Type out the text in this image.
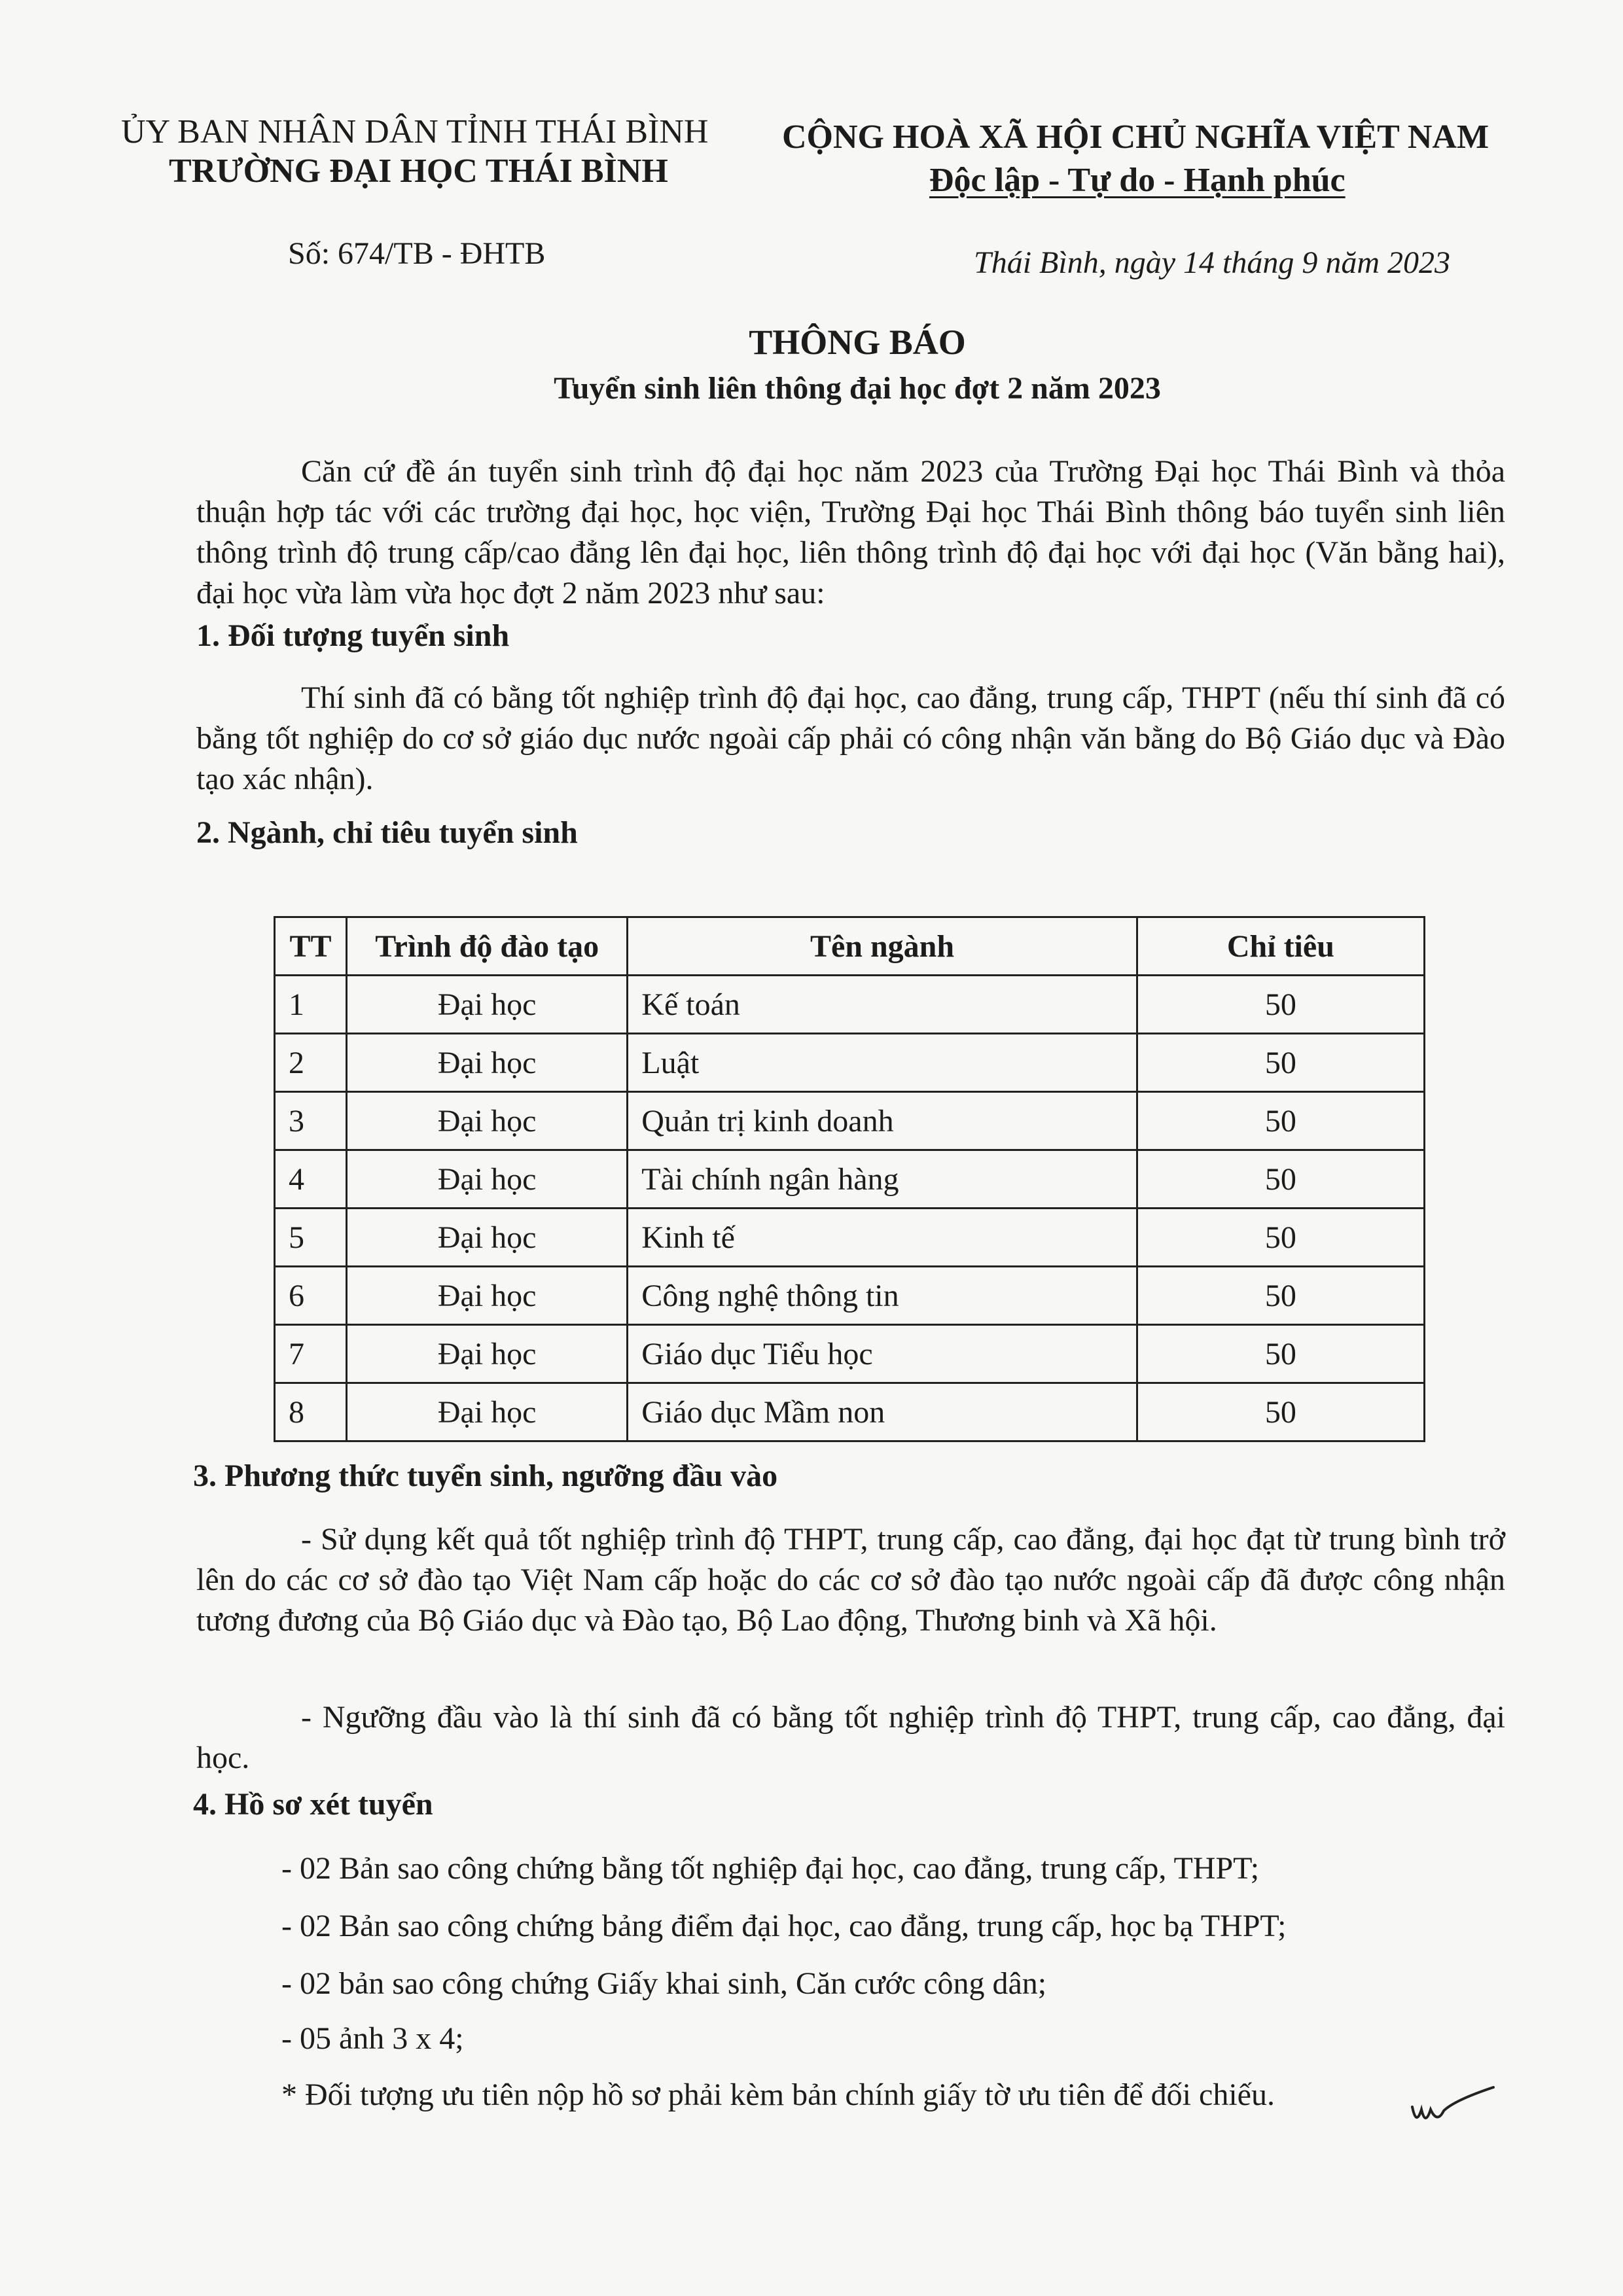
ỦY BAN NHÂN DÂN TỈNH THÁI BÌNH
TRƯỜNG ĐẠI HỌC THÁI BÌNH
CỘNG HOÀ XÃ HỘI CHỦ NGHĨA VIỆT NAM
Độc lập - Tự do - Hạnh phúc
Số: 674/TB - ĐHTB	Thái Bình, ngày 14 tháng 9 năm 2023
THÔNG BÁO
Tuyển sinh liên thông đại học đợt 2 năm 2023
Căn cứ đề án tuyển sinh trình độ đại học năm 2023 của Trường Đại học Thái Bình và thỏa thuận hợp tác với các trường đại học, học viện, Trường Đại học Thái Bình thông báo tuyển sinh liên thông trình độ trung cấp/cao đẳng lên đại học, liên thông trình độ đại học với đại học (Văn bằng hai), đại học vừa làm vừa học đợt 2 năm 2023 như sau:
1. Đối tượng tuyển sinh
Thí sinh đã có bằng tốt nghiệp trình độ đại học, cao đẳng, trung cấp, THPT (nếu thí sinh đã có bằng tốt nghiệp do cơ sở giáo dục nước ngoài cấp phải có công nhận văn bằng do Bộ Giáo dục và Đào tạo xác nhận).
2. Ngành, chỉ tiêu tuyển sinh
TT	Trình độ đào tạo	Tên ngành	Chỉ tiêu
1	Đại học	Kế toán	50
2	Đại học	Luật	50
3	Đại học	Quản trị kinh doanh	50
4	Đại học	Tài chính ngân hàng	50
5	Đại học	Kinh tế	50
6	Đại học	Công nghệ thông tin	50
7	Đại học	Giáo dục Tiểu học	50
8	Đại học	Giáo dục Mầm non	50
3. Phương thức tuyển sinh, ngưỡng đầu vào
- Sử dụng kết quả tốt nghiệp trình độ THPT, trung cấp, cao đẳng, đại học đạt từ trung bình trở lên do các cơ sở đào tạo Việt Nam cấp hoặc do các cơ sở đào tạo nước ngoài cấp đã được công nhận tương đương của Bộ Giáo dục và Đào tạo, Bộ Lao động, Thương binh và Xã hội.
- Ngưỡng đầu vào là thí sinh đã có bằng tốt nghiệp trình độ THPT, trung cấp, cao đẳng, đại học.
4. Hồ sơ xét tuyển
- 02 Bản sao công chứng bằng tốt nghiệp đại học, cao đẳng, trung cấp, THPT;
- 02 Bản sao công chứng bảng điểm đại học, cao đẳng, trung cấp, học bạ THPT;
- 02 bản sao công chứng Giấy khai sinh, Căn cước công dân;
- 05 ảnh 3 x 4;
* Đối tượng ưu tiên nộp hồ sơ phải kèm bản chính giấy tờ ưu tiên để đối chiếu.
